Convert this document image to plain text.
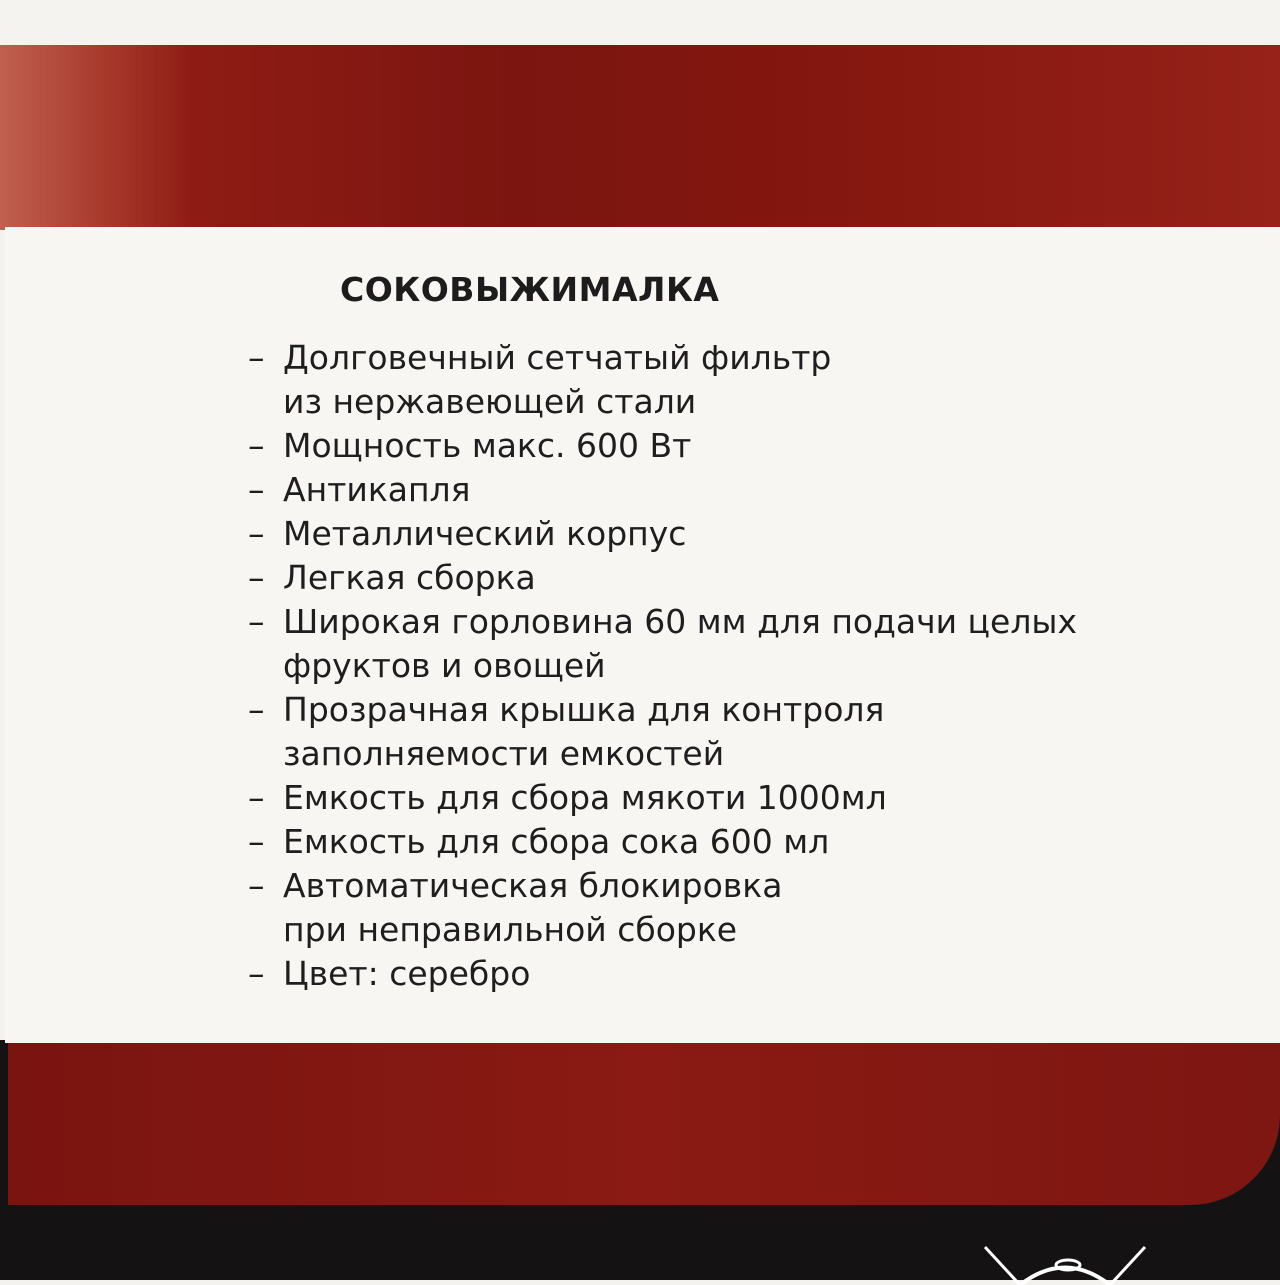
СОКОВЫЖИМАЛКА
– Долговечный сетчатый фильтр
из нержавеющей стали
– Мощность макс. 600 Вт
– Антикапля
– Металлический корпус
– Легкая сборка
– Широкая горловина 60 мм для подачи целых
фруктов и овощей
– Прозрачная крышка для контроля
заполняемости емкостей
– Емкость для сбора мякоти 1000мл
– Емкость для сбора сока 600 мл
– Автоматическая блокировка
при неправильной сборке
– Цвет: серебро
